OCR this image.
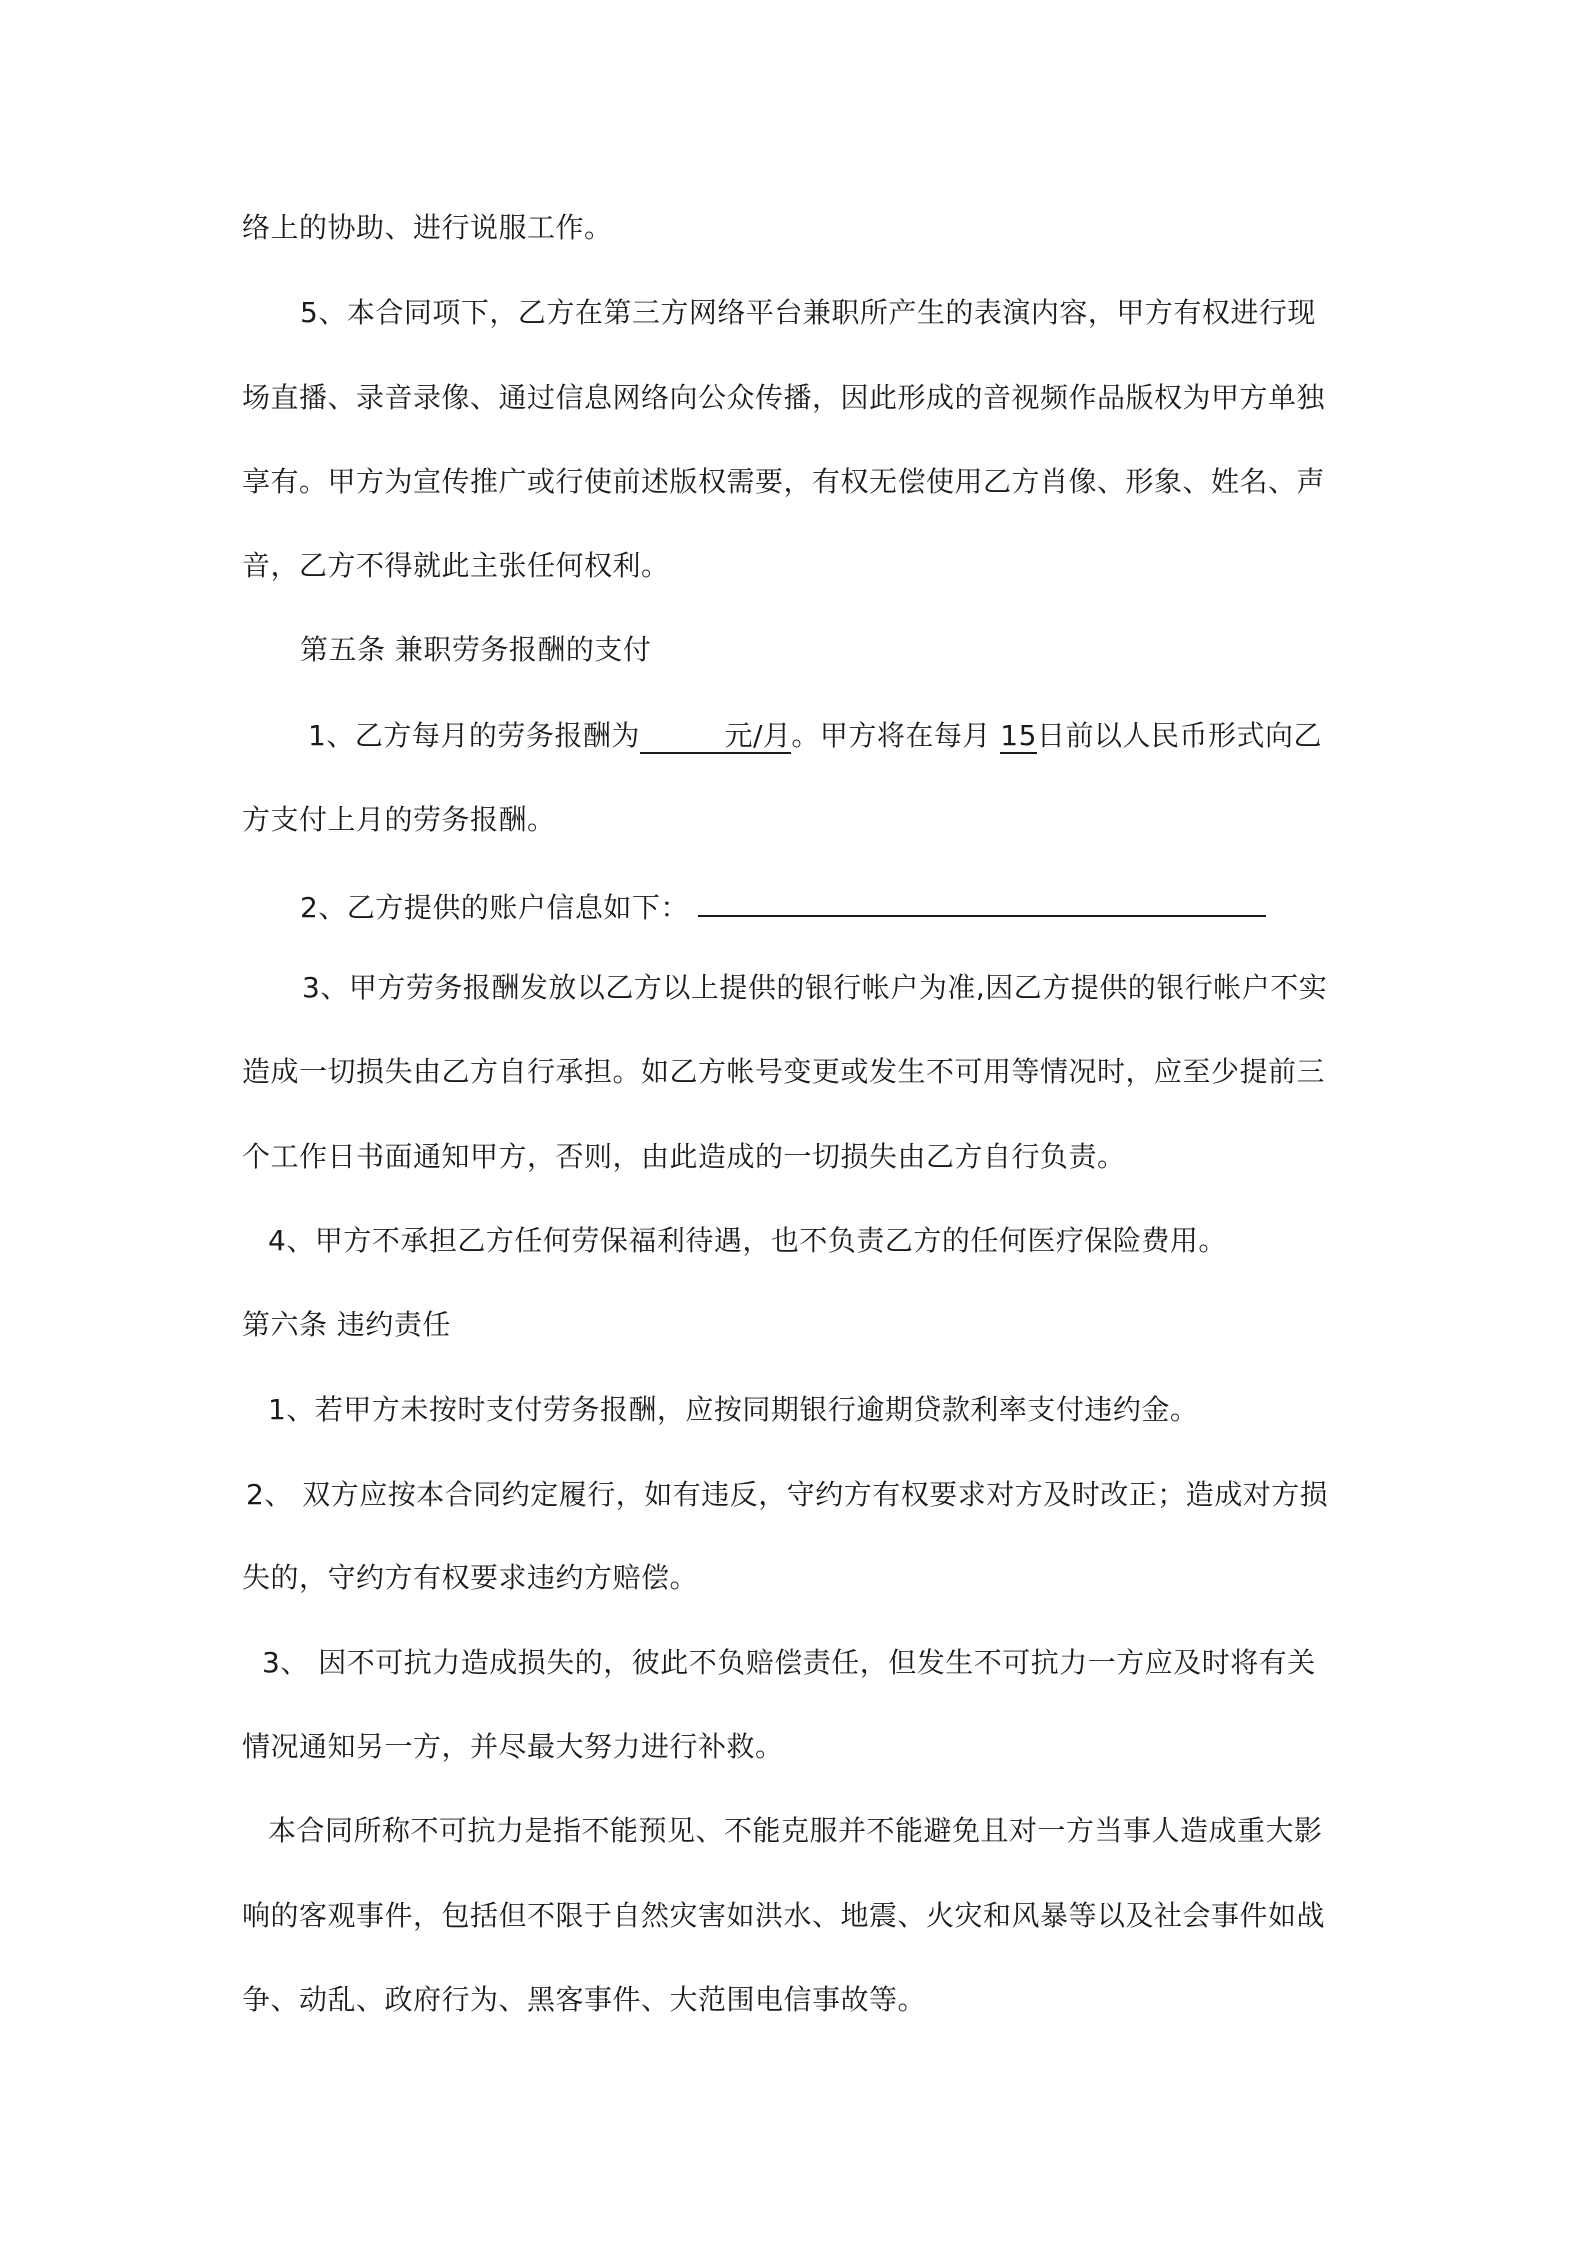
络上的协助、进行说服工作。
5、本合同项下，乙方在第三方网络平台兼职所产生的表演内容，甲方有权进行现
场直播、录音录像、通过信息网络向公众传播，因此形成的音视频作品版权为甲方单独
享有。甲方为宣传推广或行使前述版权需要，有权无偿使用乙方肖像、形象、姓名、声
音，乙方不得就此主张任何权利。
第五条 兼职劳务报酬的支付
1、乙方每月的劳务报酬为	元/月。甲方将在每月 15日前以人民币形式向乙
方支付上月的劳务报酬。
2、乙方提供的账户信息如下：
3、甲方劳务报酬发放以乙方以上提供的银行帐户为准,因乙方提供的银行帐户不实
造成一切损失由乙方自行承担。如乙方帐号变更或发生不可用等情况时，应至少提前三
个工作日书面通知甲方，否则，由此造成的一切损失由乙方自行负责。
4、甲方不承担乙方任何劳保福利待遇，也不负责乙方的任何医疗保险费用。
第六条 违约责任
1、若甲方未按时支付劳务报酬，应按同期银行逾期贷款利率支付违约金。
2、 双方应按本合同约定履行，如有违反，守约方有权要求对方及时改正；造成对方损
失的，守约方有权要求违约方赔偿。
3、 因不可抗力造成损失的，彼此不负赔偿责任，但发生不可抗力一方应及时将有关
情况通知另一方，并尽最大努力进行补救。
本合同所称不可抗力是指不能预见、不能克服并不能避免且对一方当事人造成重大影
响的客观事件，包括但不限于自然灾害如洪水、地震、火灾和风暴等以及社会事件如战
争、动乱、政府行为、黑客事件、大范围电信事故等。
